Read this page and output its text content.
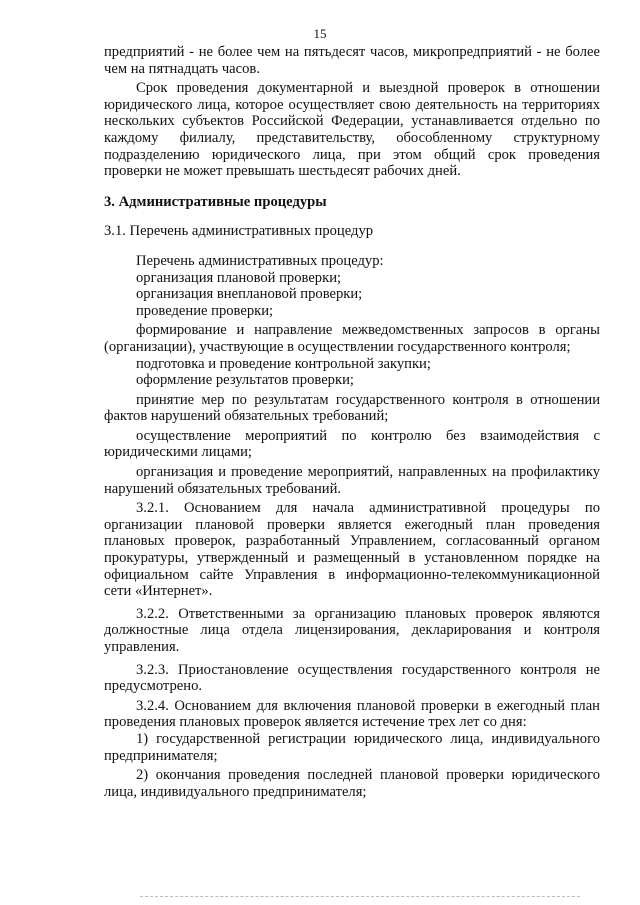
15

предприятий - не более чем на пятьдесят часов, микропредприятий - не более чем на пятнадцать часов.

Срок проведения документарной и выездной проверок в отношении юридического лица, которое осуществляет свою деятельность на территориях нескольких субъектов Российской Федерации, устанавливается отдельно по каждому филиалу, представительству, обособленному структурному подразделению юридического лица, при этом общий срок проведения проверки не может превышать шестьдесят рабочих дней.

3. Административные процедуры

3.1. Перечень административных процедур

Перечень административных процедур:

организация плановой проверки;

организация внеплановой проверки;

проведение проверки;

формирование и направление межведомственных запросов в органы (организации), участвующие в осуществлении государственного контроля;

подготовка и проведение контрольной закупки;

оформление результатов проверки;

принятие мер по результатам государственного контроля в отношении фактов нарушений обязательных требований;

осуществление мероприятий по контролю без взаимодействия с юридическими лицами;

организация и проведение мероприятий, направленных на профилактику нарушений обязательных требований.

3.2.1. Основанием для начала административной процедуры по организации плановой проверки является ежегодный план проведения плановых проверок, разработанный Управлением, согласованный органом прокуратуры, утвержденный и размещенный в установленном порядке на официальном сайте Управления в информационно-телекоммуникационной сети «Интернет».

3.2.2. Ответственными за организацию плановых проверок являются должностные лица отдела лицензирования, декларирования и контроля управления.

3.2.3. Приостановление осуществления государственного контроля не предусмотрено.

3.2.4. Основанием для включения плановой проверки в ежегодный план проведения плановых проверок является истечение трех лет со дня:

1) государственной регистрации юридического лица, индивидуального предпринимателя;

2) окончания проведения последней плановой проверки юридического лица, индивидуального предпринимателя;
